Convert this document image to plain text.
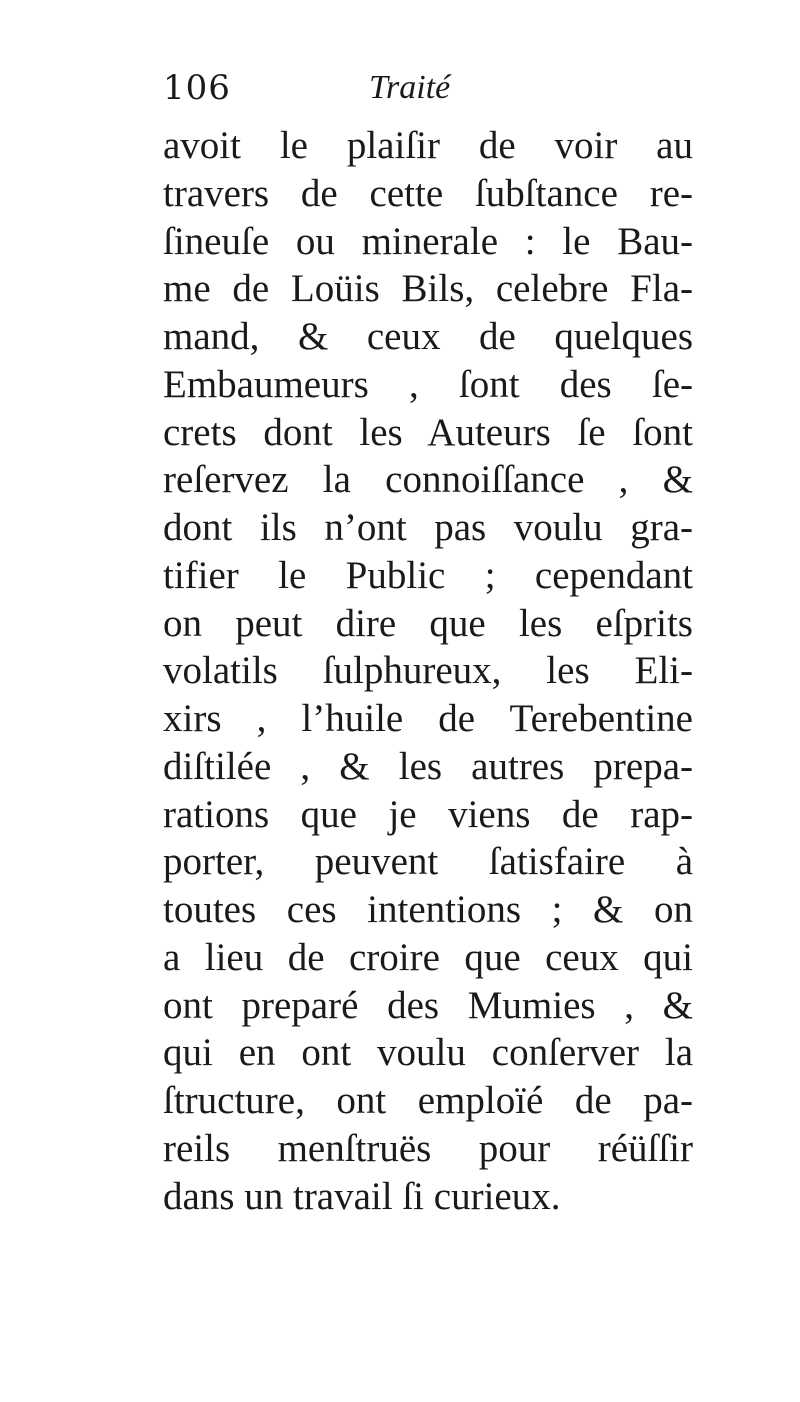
106	Traité
avoit le plaiſir de voir au
travers de cette ſubſtance re-
ſineuſe ou minerale : le Bau-
me de Loüis Bils, celebre Fla-
mand, & ceux de quelques
Embaumeurs , ſont des ſe-
crets dont les Auteurs ſe ſont
reſervez la connoiſſance , &
dont ils n’ont pas voulu gra-
tifier le Public ; cependant
on peut dire que les eſprits
volatils ſulphureux, les Eli-
xirs , l’huile de Terebentine
diſtilée , & les autres prepa-
rations que je viens de rap-
porter, peuvent ſatisfaire à
toutes ces intentions ; & on
a lieu de croire que ceux qui
ont preparé des Mumies , &
qui en ont voulu conſerver la
ſtructure, ont emploïé de pa-
reils menſtruës pour réüſſir
dans un travail ſi curieux.
